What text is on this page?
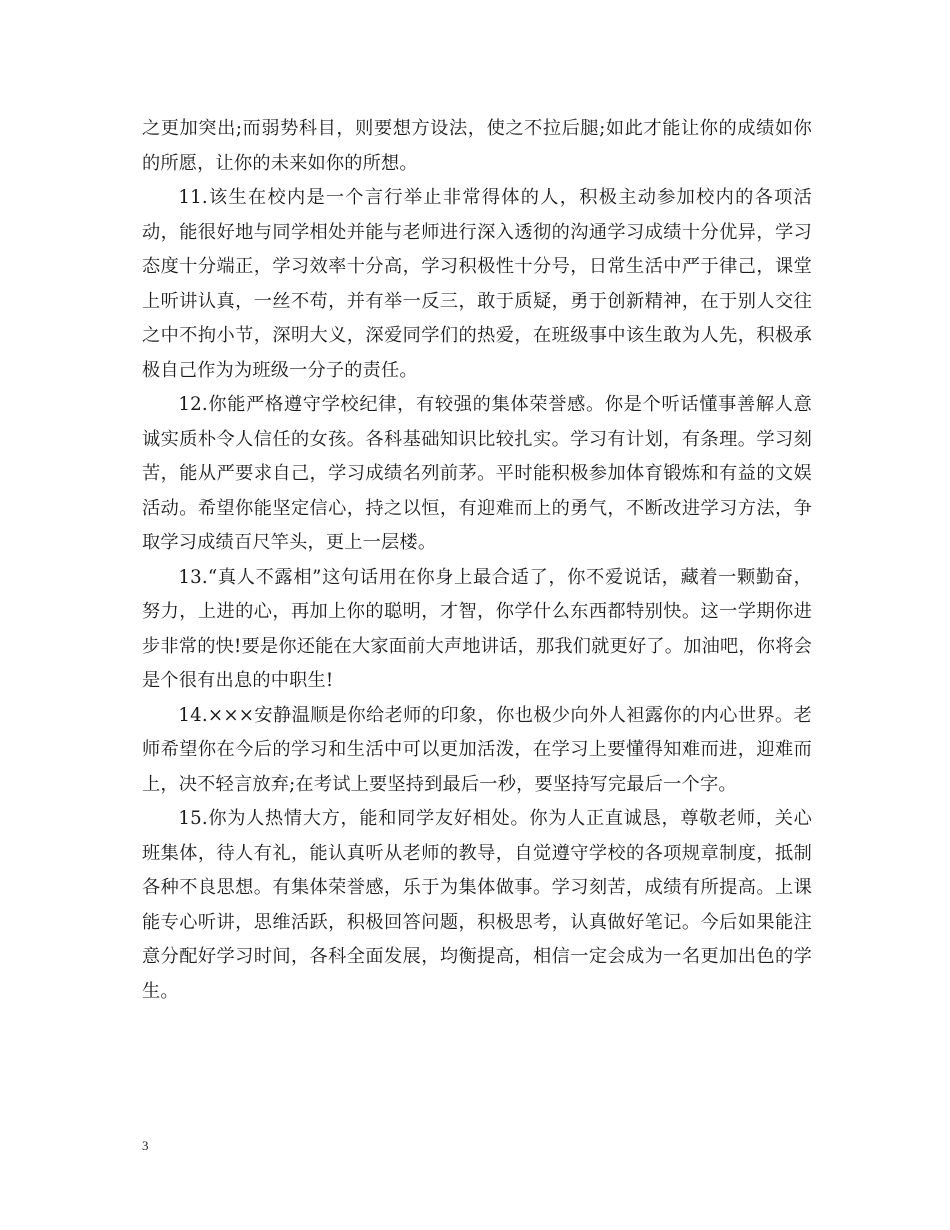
之更加突出;而弱势科目，则要想方设法，使之不拉后腿;如此才能让你的成绩如你的所愿，让你的未来如你的所想。

11.该生在校内是一个言行举止非常得体的人，积极主动参加校内的各项活动，能很好地与同学相处并能与老师进行深入透彻的沟通学习成绩十分优异，学习态度十分端正，学习效率十分高，学习积极性十分号，日常生活中严于律己，课堂上听讲认真，一丝不苟，并有举一反三，敢于质疑，勇于创新精神，在于别人交往之中不拘小节，深明大义，深爱同学们的热爱，在班级事中该生敢为人先，积极承极自己作为为班级一分子的责任。

12.你能严格遵守学校纪律，有较强的集体荣誉感。你是个听话懂事善解人意诚实质朴令人信任的女孩。各科基础知识比较扎实。学习有计划，有条理。学习刻苦，能从严要求自己，学习成绩名列前茅。平时能积极参加体育锻炼和有益的文娱活动。希望你能坚定信心，持之以恒，有迎难而上的勇气，不断改进学习方法，争取学习成绩百尺竿头，更上一层楼。

13.“真人不露相”这句话用在你身上最合适了，你不爱说话，藏着一颗勤奋，努力，上进的心，再加上你的聪明，才智，你学什么东西都特别快。这一学期你进步非常的快!要是你还能在大家面前大声地讲话，那我们就更好了。加油吧，你将会是个很有出息的中职生!

14.×××安静温顺是你给老师的印象，你也极少向外人袒露你的内心世界。老师希望你在今后的学习和生活中可以更加活泼，在学习上要懂得知难而进，迎难而上，决不轻言放弃;在考试上要坚持到最后一秒，要坚持写完最后一个字。

15.你为人热情大方，能和同学友好相处。你为人正直诚恳，尊敬老师，关心班集体，待人有礼，能认真听从老师的教导，自觉遵守学校的各项规章制度，抵制各种不良思想。有集体荣誉感，乐于为集体做事。学习刻苦，成绩有所提高。上课能专心听讲，思维活跃，积极回答问题，积极思考，认真做好笔记。今后如果能注意分配好学习时间，各科全面发展，均衡提高，相信一定会成为一名更加出色的学生。

3
